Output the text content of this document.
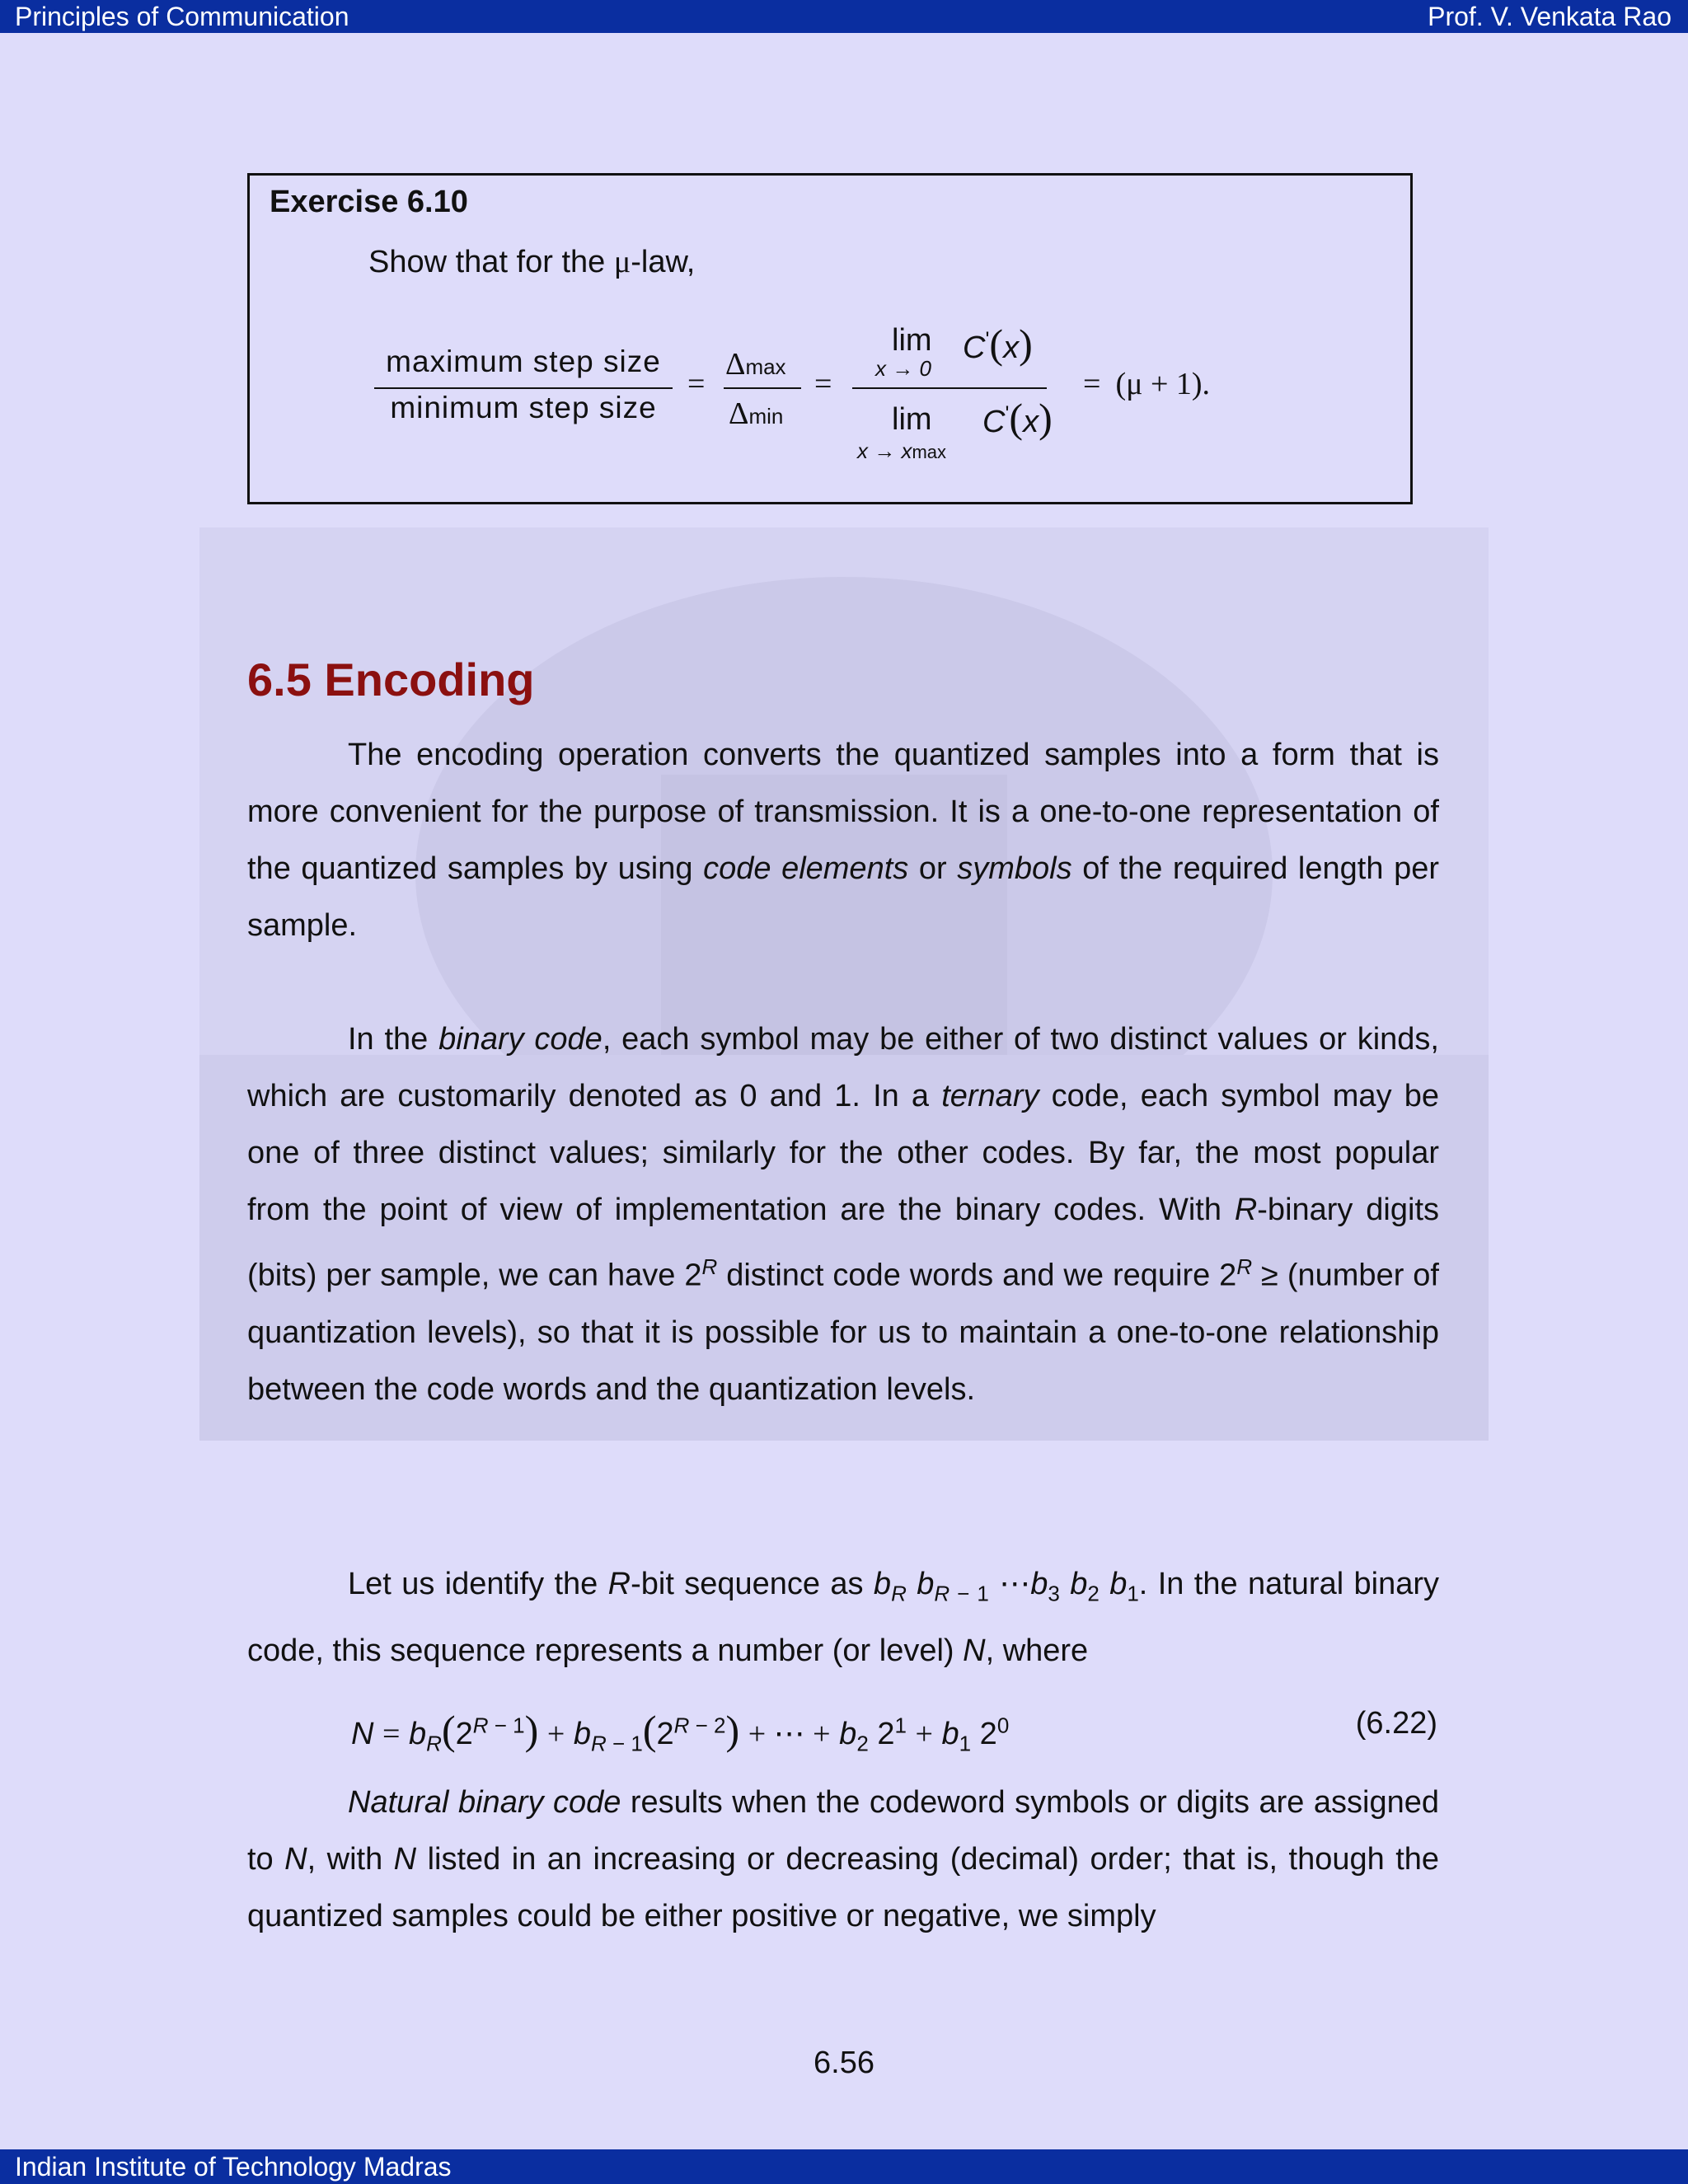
Principles of Communication	Prof. V. Venkata Rao
Indian Institute of Technology Madras
Exercise 6.10
Show that for the μ-law,
maximum step size
minimum step size
=
Δmax
Δmin
=
lim
x → 0
C'(x)
lim
x → xmax
C'(x)
= (μ + 1).
6.5 Encoding
The encoding operation converts the quantized samples into a form that is more convenient for the purpose of transmission. It is a one-to-one representation of the quantized samples by using code elements or symbols of the required length per sample.
In the binary code, each symbol may be either of two distinct values or kinds, which are customarily denoted as 0 and 1. In a ternary code, each symbol may be one of three distinct values; similarly for the other codes. By far, the most popular from the point of view of implementation are the binary codes. With R-binary digits (bits) per sample, we can have $2^R$ distinct code words and we require $2^R$ ≥ (number of quantization levels), so that it is possible for us to maintain a one-to-one relationship between the code words and the quantization levels.
Let us identify the R-bit sequence as $b_R$ $b_{R - 1}$ $\cdots b_3$ $b_2$ $b_1$. In the natural binary code, this sequence represents a number (or level) N, where
$N = b_R(2^{R - 1}) + b_{R - 1}(2^{R - 2})$ + ⋯ + $b_2$ $2^1 + b_1$ $2^0$	(6.22)
Natural binary code results when the codeword symbols or digits are assigned to N, with N listed in an increasing or decreasing (decimal) order; that is, though the quantized samples could be either positive or negative, we simply
6.56
